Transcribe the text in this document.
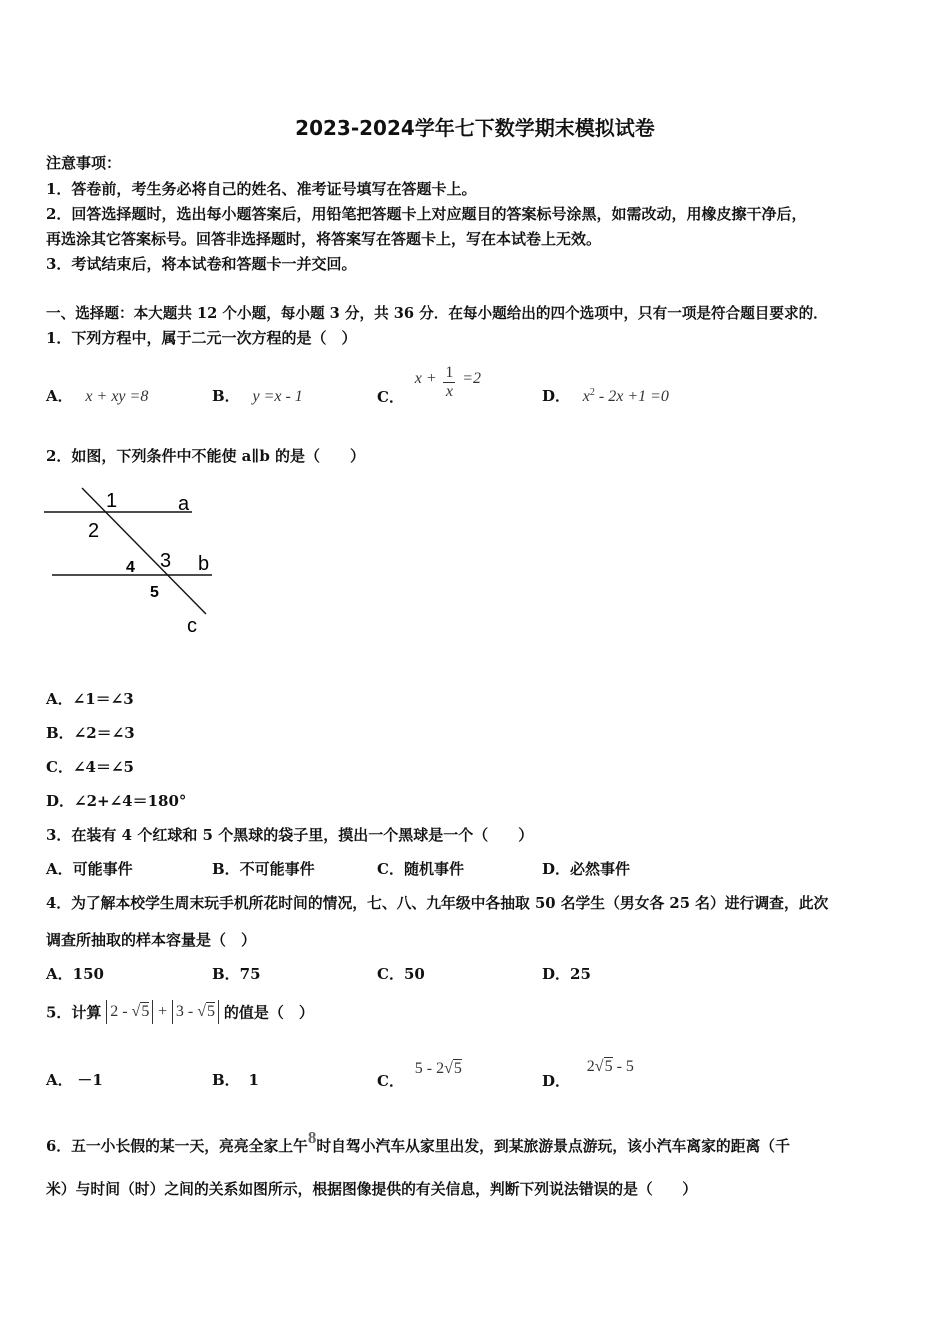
2023-2024学年七下数学期末模拟试卷
注意事项：
1．答卷前，考生务必将自己的姓名、准考证号填写在答题卡上。
2．回答选择题时，选出每小题答案后，用铅笔把答题卡上对应题目的答案标号涂黑，如需改动，用橡皮擦干净后，
再选涂其它答案标号。回答非选择题时，将答案写在答题卡上，写在本试卷上无效。
3．考试结束后，将本试卷和答题卡一并交回。
一、选择题：本大题共 12 个小题，每小题 3 分，共 36 分．在每小题给出的四个选项中，只有一项是符合题目要求的．
1．下列方程中，属于二元一次方程的是（　）
A． x + xy =8	B． y =x - 1	C． $x + \frac{1}{x} =2$
D． $x^2 - 2x +1 =0$
2．如图，下列条件中不能使 a∥b 的是（　　）
1	a
2
3 b
4
5
c
A．∠1＝∠3
B．∠2＝∠3
C．∠4＝∠5
D．∠2+∠4＝180°
3．在装有 4 个红球和 5 个黑球的袋子里，摸出一个黑球是一个（　　）
A．可能事件	B．不可能事件	C．随机事件	D．必然事件
4．为了解本校学生周末玩手机所花时间的情况，七、八、九年级中各抽取 50 名学生（男女各 25 名）进行调查，此次
调查所抽取的样本容量是（　）
A．150	B．75	C．50	D．25
5．计算 2 - √5 + 3 - √5 的值是（　）
A． －1	B． 1	C． 5 - 2√5
D． 2√5 - 5
6．五一小长假的某一天，亮亮全家上午8时自驾小汽车从家里出发，到某旅游景点游玩，该小汽车离家的距离（千
米）与时间（时）之间的关系如图所示，根据图像提供的有关信息，判断下列说法错误的是（　　）
